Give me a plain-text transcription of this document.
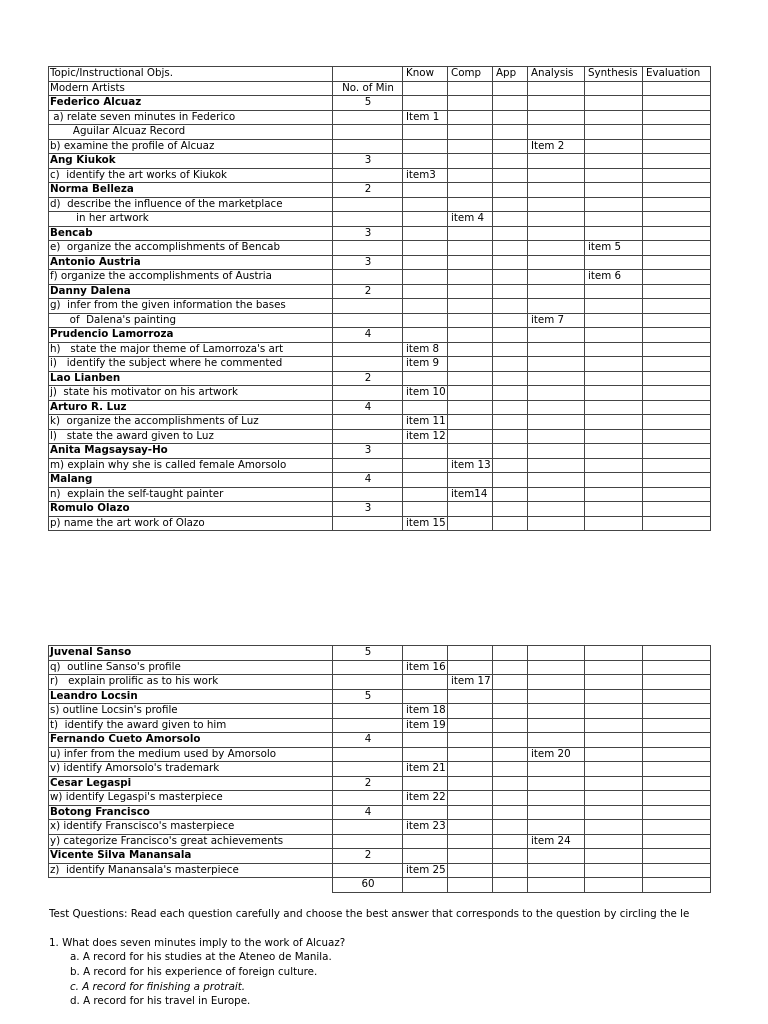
Topic/Instructional Objs.		Know	Comp	App	Analysis	Synthesis	Evaluation
Modern Artists	No. of Min						
Federico Alcuaz	5						
a) relate seven minutes in Federico		Item 1					
Aguilar Alcuaz Record							
b) examine the profile of Alcuaz					Item 2		
Ang Kiukok	3						
c)  identify the art works of Kiukok		item3					
Norma Belleza	2						
d)  describe the influence of the marketplace							
in her artwork			item 4				
Bencab	3						
e)  organize the accomplishments of Bencab						item 5	
Antonio Austria	3						
f) organize the accomplishments of Austria						item 6	
Danny Dalena	2						
g)  infer from the given information the bases							
of  Dalena's painting					item 7		
Prudencio Lamorroza	4						
h)   state the major theme of Lamorroza's art		item 8					
i)   identify the subject where he commented		item 9					
Lao Lianben	2						
j)  state his motivator on his artwork		item 10					
Arturo R. Luz	4						
k)  organize the accomplishments of Luz		item 11					
l)   state the award given to Luz		item 12					
Anita Magsaysay-Ho	3						
m) explain why she is called female Amorsolo			item 13				
Malang	4						
n)  explain the self-taught painter			item14				
Romulo Olazo	3						
p) name the art work of Olazo		item 15					
Juvenal Sanso	5						
q)  outline Sanso's profile		item 16					
r)   explain prolific as to his work			item 17				
Leandro Locsin	5						
s) outline Locsin's profile		item 18					
t)  identify the award given to him		item 19					
Fernando Cueto Amorsolo	4						
u) infer from the medium used by Amorsolo					item 20		
v) identify Amorsolo's trademark		item 21					
Cesar Legaspi	2						
w) identify Legaspi's masterpiece		item 22					
Botong Francisco	4						
x) identify Franscisco's masterpiece		item 23					
y) categorize Francisco's great achievements					item 24		
Vicente Silva Manansala	2						
z)  identify Manansala's masterpiece		item 25					
	60						
Test Questions: Read each question carefully and choose the best answer that corresponds to the question by circling the le
1. What does seven minutes imply to the work of Alcuaz?
a. A record for his studies at the Ateneo de Manila.
b. A record for his experience of foreign culture.
c. A record for finishing a protrait.
d. A record for his travel in Europe.
